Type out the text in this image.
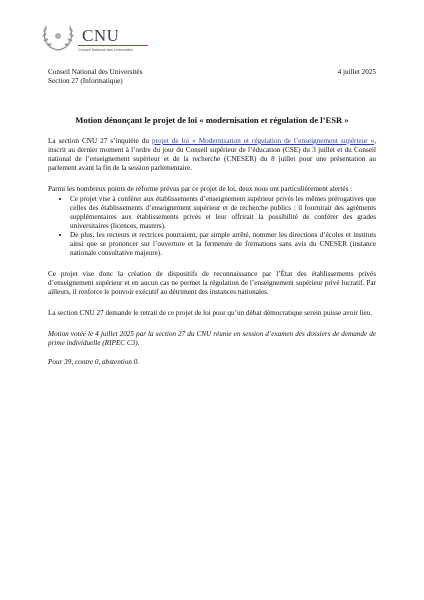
CNU
Conseil National des Universités
Conseil National des Universités
Section 27 (Informatique)
4 juillet 2025
Motion dénonçant le projet de loi « modernisation et régulation de l’ESR »

La section CNU 27 s’inquiète du projet de loi « Modernisation et régulation de l’enseignement supérieur », inscrit au dernier moment à l’ordre du jour du Conseil supérieur de l’éducation (CSE) du 3 juillet et du Conseil national de l’enseignement supérieur et de la recherche (CNESER) du 8 juillet pour une présentation au parlement avant la fin de la session parlementaire.

Parmi les nombreux points de réforme prévus par ce projet de loi, deux nous ont particulièrement alertés :

• Ce projet vise à conférer aux établissements d’enseignement supérieur privés les mêmes prérogatives que celles des établissements d’enseignement supérieur et de recherche publics : il fournirait des agréments supplémentaires aux établissements privés et leur offrirait la possibilité de conférer des grades universitaires (licences, masters).
• De plus, les recteurs et rectrices pourraient, par simple arrêté, nommer les directions d’écoles et instituts ainsi que se prononcer sur l’ouverture et la fermeture de formations sans avis du CNESER (instance nationale consultative majeure).

Ce projet vise donc la création de dispositifs de reconnaissance par l’État des établissements privés d’enseignement supérieur et en aucun cas ne permet la régulation de l’enseignement supérieur privé lucratif. Par ailleurs, il renforce le pouvoir exécutif au détriment des instances nationales.

La section CNU 27 demande le retrait de ce projet de loi pour qu’un débat démocratique serein puisse avoir lieu.

Motion votée le 4 juillet 2025 par la section 27 du CNU réunie en session d’examen des dossiers de demande de prime individuelle (RIPEC C3).

Pour 39, contre 0, abstention 0.
